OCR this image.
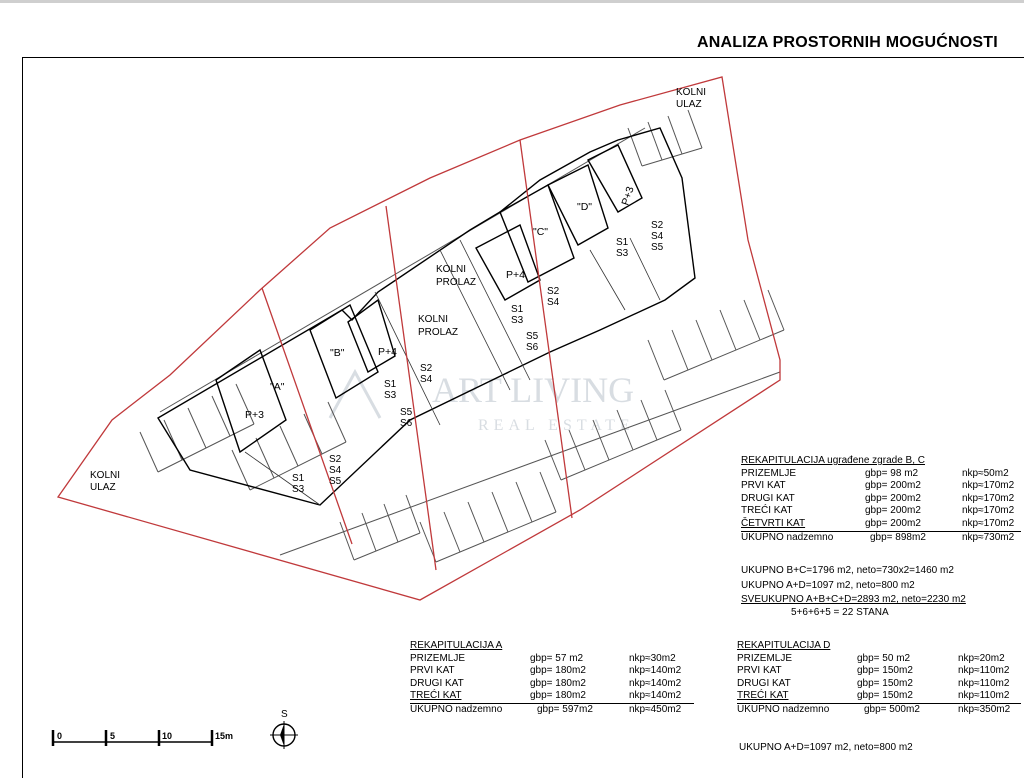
ANALIZA PROSTORNIH MOGUĆNOSTI
ART LIVING
REAL ESTATE
KOLNI ULAZ
KOLNI ULAZ
KOLNI PROLAZ
KOLNI PROLAZ
"A"
P+3
"B"	P+4
"C"
P+4
"D"
P+3
S1 S3
S2 S4 S5
S2 S4
S1 S3
S5 S6
S2 S4
S1 S3
S5 S6
S1 S3
S2 S4 S5
S
0	5	10	15m
REKAPITULACIJA ugrađene zgrade B, C
PRIZEMLJE	gbp= 98 m2	nkp≈50m2
PRVI KAT	gbp= 200m2	nkp≈170m2
DRUGI KAT	gbp= 200m2	nkp≈170m2
TREĆI KAT	gbp= 200m2	nkp≈170m2
ČETVRTI KAT	gbp= 200m2	nkp≈170m2
UKUPNO nadzemno	gbp= 898m2	nkp≈730m2
UKUPNO B+C=1796 m2, neto=730x2=1460 m2
UKUPNO A+D=1097 m2, neto=800 m2
SVEUKUPNO A+B+C+D=2893 m2, neto=2230 m2
5+6+6+5 = 22 STANA
REKAPITULACIJA A
PRIZEMLJE	gbp= 57 m2	nkp≈30m2
PRVI KAT	gbp= 180m2	nkp≈140m2
DRUGI KAT	gbp= 180m2	nkp≈140m2
TREĆI KAT	gbp= 180m2	nkp≈140m2
UKUPNO nadzemno	gbp= 597m2	nkp≈450m2
REKAPITULACIJA D
PRIZEMLJE	gbp= 50 m2	nkp≈20m2
PRVI KAT	gbp= 150m2	nkp≈110m2
DRUGI KAT	gbp= 150m2	nkp≈110m2
TREĆI KAT	gbp= 150m2	nkp≈110m2
UKUPNO nadzemno	gbp= 500m2	nkp≈350m2
UKUPNO A+D=1097 m2, neto=800 m2
